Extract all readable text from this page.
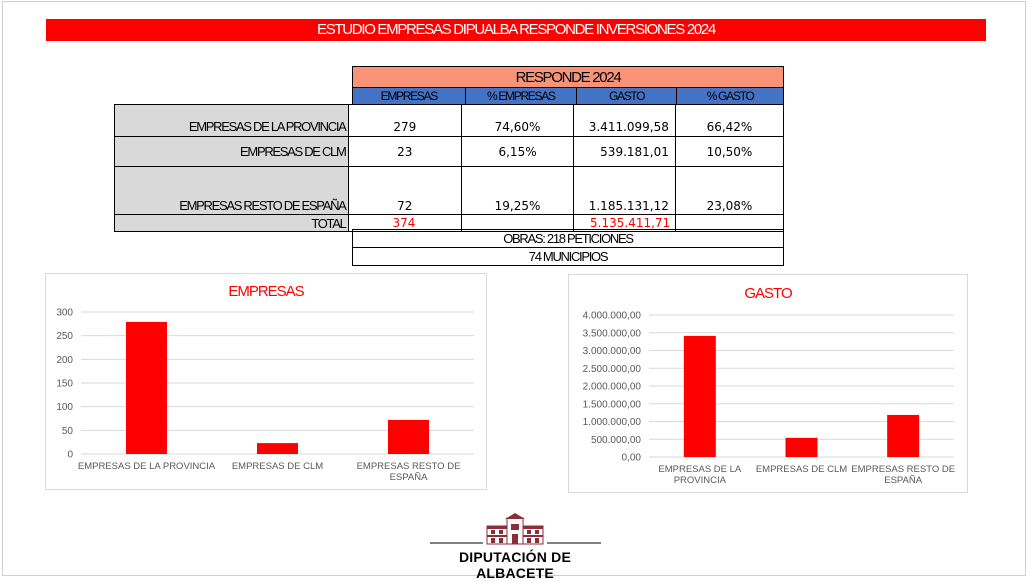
ESTUDIO EMPRESAS DIPUALBA RESPONDE INVERSIONES 2024
RESPONDE 2024
EMPRESAS	% EMPRESAS	GASTO	% GASTO
EMPRESAS DE LA PROVINCIA	279	74,60%	3.411.099,58	66,42%
EMPRESAS DE CLM	23	6,15%	539.181,01	10,50%
EMPRESAS RESTO DE ESPAÑA	72	19,25%	1.185.131,12	23,08%
TOTAL	374		5.135.411,71	
OBRAS: 218 PETICIONES
74 MUNICIPIOS
EMPRESAS
0
50
100
150
200
250
300
EMPRESAS DE LA PROVINCIA EMPRESAS DE CLM	EMPRESAS RESTO DE
ESPAÑA
GASTO
0,00
500.000,00
1.000.000,00
1.500.000,00
2.000.000,00
2.500.000,00
3.000.000,00
3.500.000,00
4.000.000,00
EMPRESAS DE LA
PROVINCIA
EMPRESAS DE CLM EMPRESAS RESTO DE
ESPAÑA
DIPUTACIÓN DE ALBACETE
